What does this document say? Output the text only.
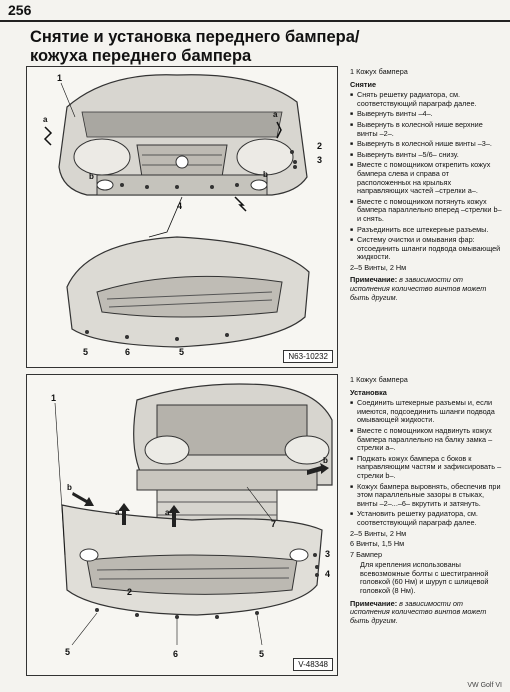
256
Снятие и установка переднего бампера/
кожуха переднего бампера
1
a
a
2
3
b	b
4
5	6	5	N63-10232
1 Кожух бампера
Снятие
■ Снять решетку радиатора, см. соответствующий параграф далее.
■ Вывернуть винты –4–.
■ Вывернуть в колесной нише верхние винты –2–.
■ Вывернуть в колесной нише винты –3–.
■ Вывернуть винты –5/6– снизу.
■ Вместе с помощником открепить кожух бампера слева и справа от расположенных на крыльях направляющих частей –стрелки a–.
■ Вместе с помощником потянуть кожух бампера параллельно вперед –стрелки b– и снять.
■ Разъединить все штекерные разъемы.
■ Систему очистки и омывания фар: отсоединить шланги подвода омывающей жидкости.
2–5 Винты, 2 Нм
Примечание: в зависимости от исполнения количество винтов может быть другим.
1
b
a	a
7
b
2
3
4
5	6	5
V-48348
1 Кожух бампера
Установка
■ Соединить штекерные разъемы и, если имеются, подсоединить шланги подвода омывающей жидкости.
■ Вместе с помощником надвинуть кожух бампера параллельно на балку замка –стрелки a–.
■ Поджать кожух бампера с боков к направляющим частям и зафиксировать –стрелки b–.
■ Кожух бампера выровнять, обеспечив при этом параллельные зазоры в стыках, винты –2–...–6– вкрутить и затянуть.
■ Установить решетку радиатора, см. соответствующий параграф далее.
2–5 Винты, 2 Нм
6 Винты, 1,5 Нм
7 Бампер
Для крепления использованы всевозможные болты с шестигранной головкой (60 Нм) и шуруп с шлицевой головкой (8 Нм).
Примечание: в зависимости от исполнения количество винтов может быть другим.
VW Golf VI
